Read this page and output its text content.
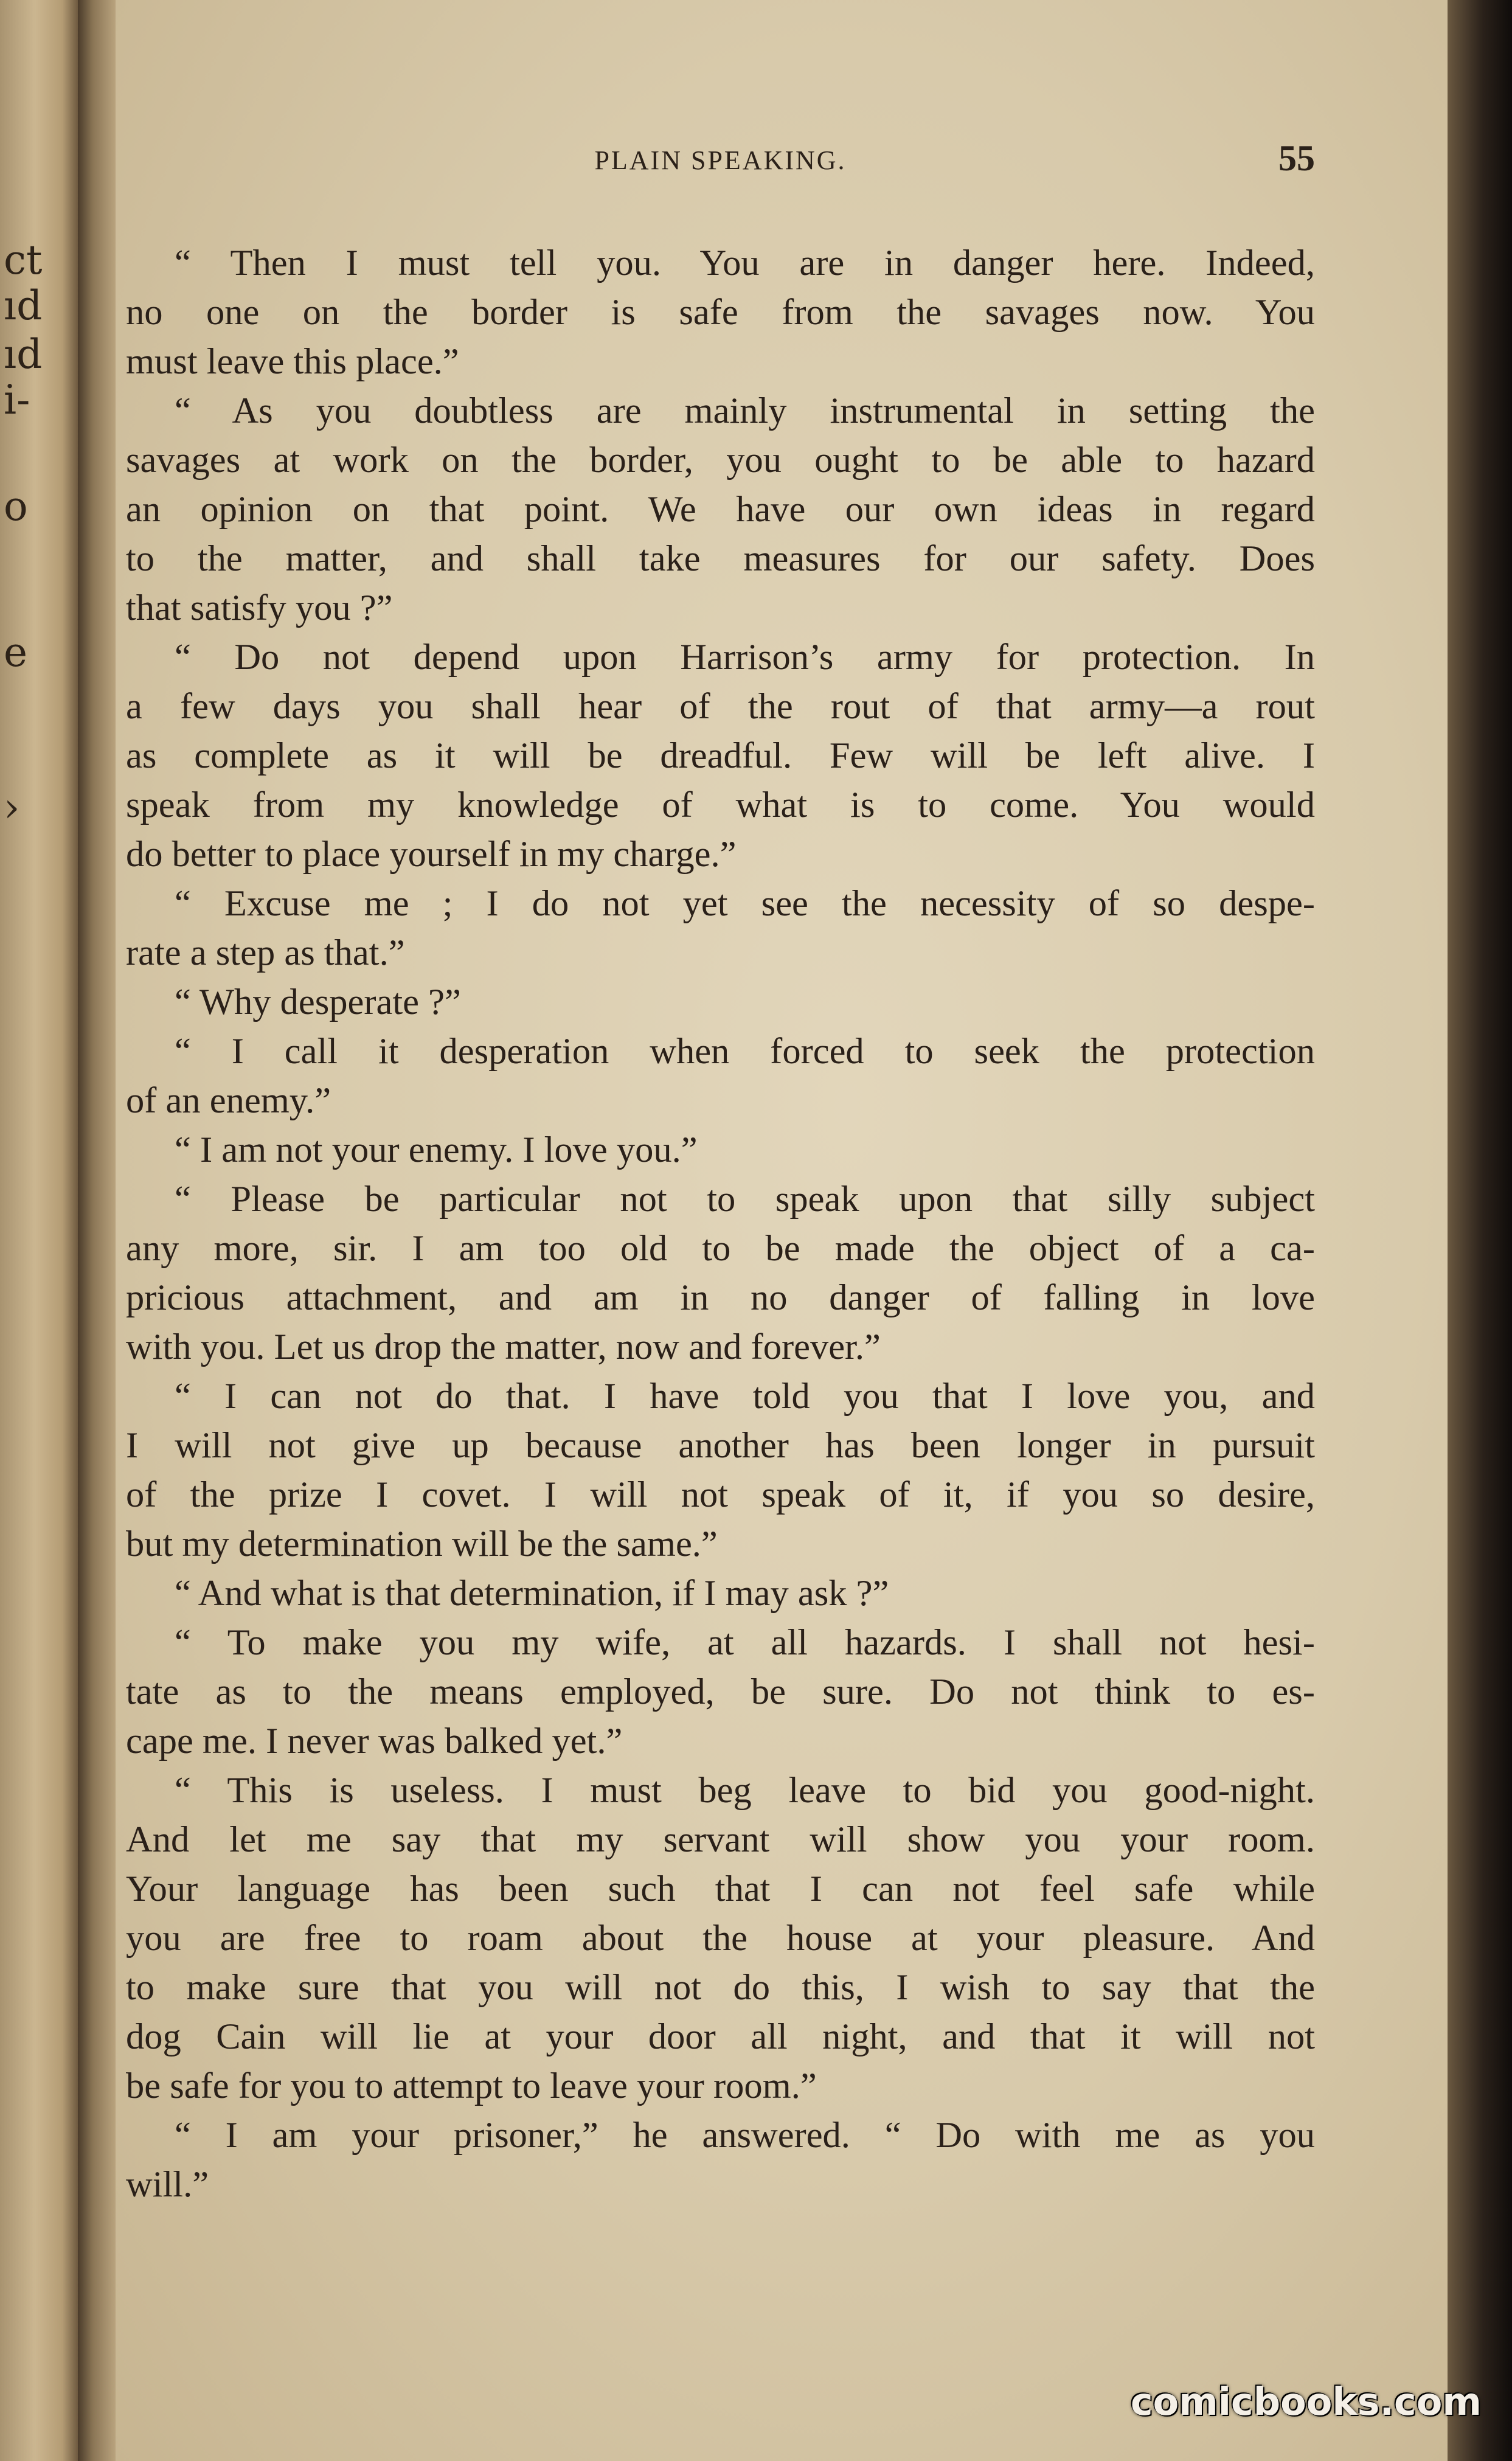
ct
ıd
ıd
i-
o
e
›
PLAIN SPEAKING.	55
“ Then I must tell you. You are in danger here. Indeed,
no one on the border is safe from the savages now. You
must leave this place.”
“ As you doubtless are mainly instrumental in setting the
savages at work on the border, you ought to be able to hazard
an opinion on that point. We have our own ideas in regard
to the matter, and shall take measures for our safety. Does
that satisfy you ?”
“ Do not depend upon Harrison’s army for protection. In
a few days you shall hear of the rout of that army—a rout
as complete as it will be dreadful. Few will be left alive. I
speak from my knowledge of what is to come. You would
do better to place yourself in my charge.”
“ Excuse me ; I do not yet see the necessity of so despe-
rate a step as that.”
“ Why desperate ?”
“ I call it desperation when forced to seek the protection
of an enemy.”
“ I am not your enemy. I love you.”
“ Please be particular not to speak upon that silly subject
any more, sir. I am too old to be made the object of a ca-
pricious attachment, and am in no danger of falling in love
with you. Let us drop the matter, now and forever.”
“ I can not do that. I have told you that I love you, and
I will not give up because another has been longer in pursuit
of the prize I covet. I will not speak of it, if you so desire,
but my determination will be the same.”
“ And what is that determination, if I may ask ?”
“ To make you my wife, at all hazards. I shall not hesi-
tate as to the means employed, be sure. Do not think to es-
cape me. I never was balked yet.”
“ This is useless. I must beg leave to bid you good-night.
And let me say that my servant will show you your room.
Your language has been such that I can not feel safe while
you are free to roam about the house at your pleasure. And
to make sure that you will not do this, I wish to say that the
dog Cain will lie at your door all night, and that it will not
be safe for you to attempt to leave your room.”
“ I am your prisoner,” he answered. “ Do with me as you
will.”
comicbooks.com
